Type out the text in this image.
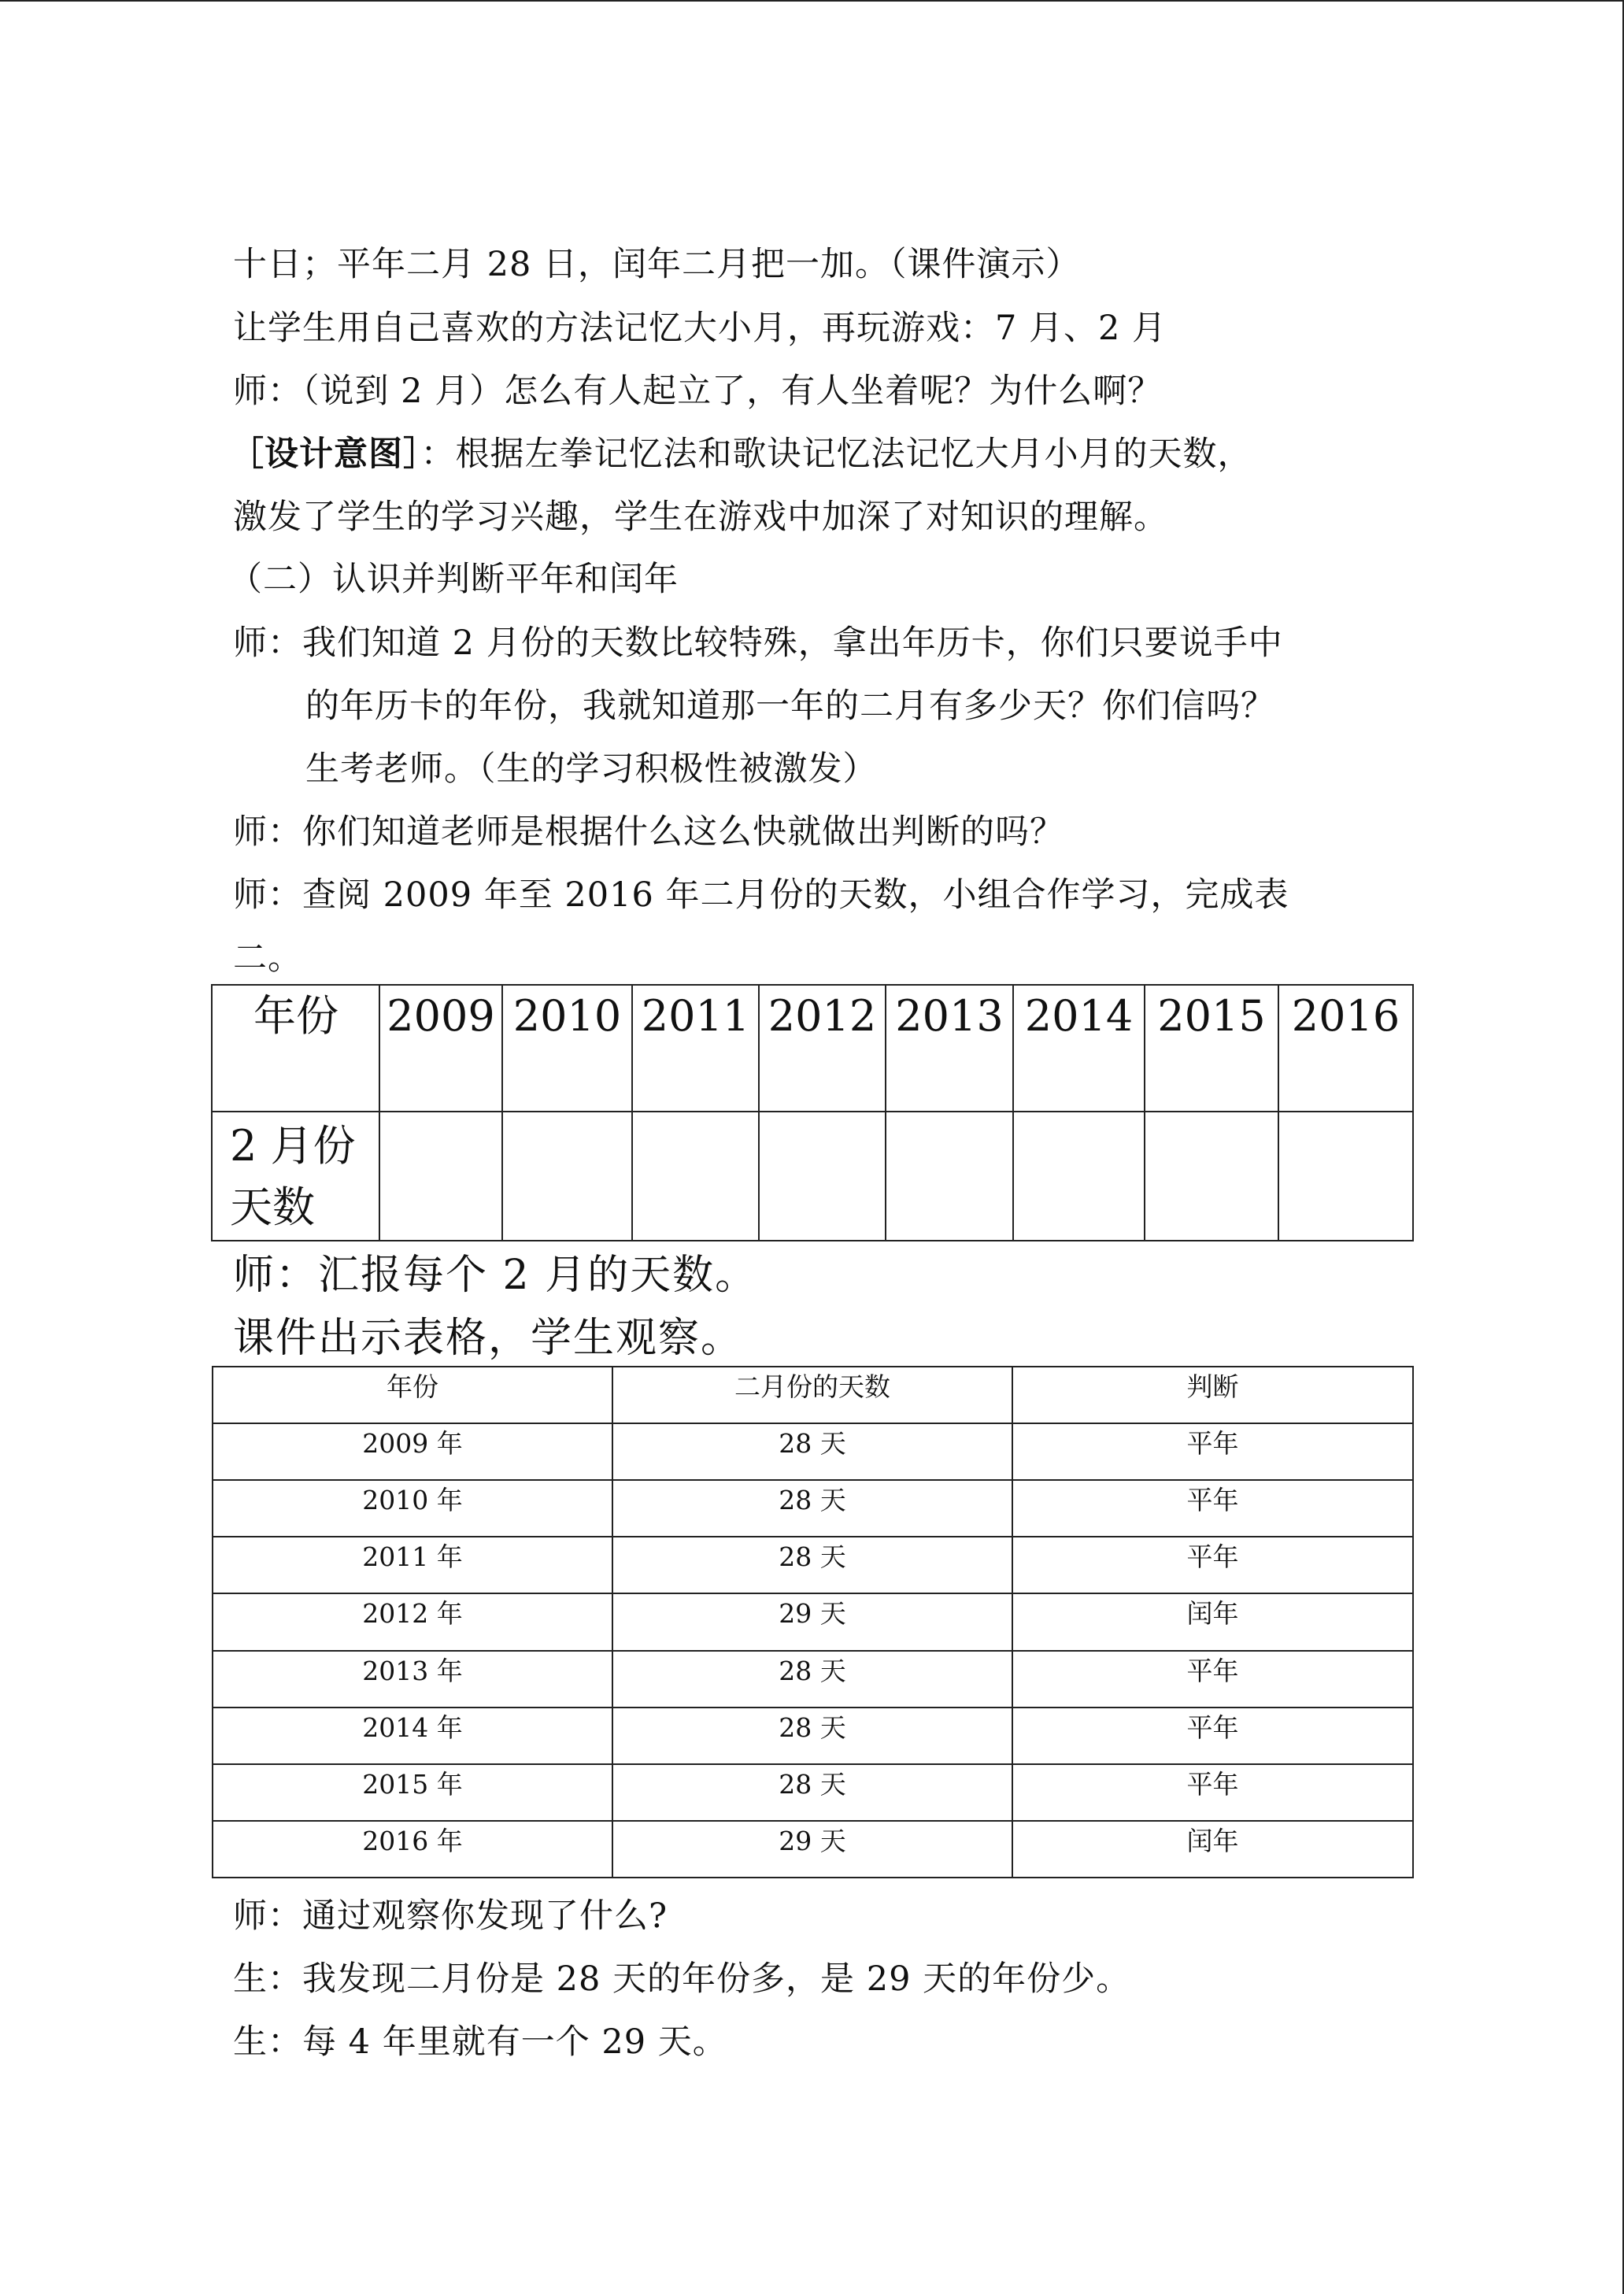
十日；平年二月 28 日，闰年二月把一加。（课件演示）
让学生用自己喜欢的方法记忆大小月，再玩游戏：7 月、2 月
师：（说到 2 月）怎么有人起立了，有人坐着呢？为什么啊？
［设计意图］：根据左拳记忆法和歌诀记忆法记忆大月小月的天数，
激发了学生的学习兴趣，学生在游戏中加深了对知识的理解。
（二）认识并判断平年和闰年
师：我们知道 2 月份的天数比较特殊，拿出年历卡，你们只要说手中
的年历卡的年份，我就知道那一年的二月有多少天？你们信吗？
生考老师。（生的学习积极性被激发）
师：你们知道老师是根据什么这么快就做出判断的吗？
师：查阅 2009 年至 2016 年二月份的天数，小组合作学习，完成表
二。
年份	2009	2010	2011	2012	2013	2014	2015	2016

2 月份
天数								

师：汇报每个 2 月的天数。
课件出示表格，学生观察。
年份	二月份的天数	判断
2009 年	28 天	平年
2010 年	28 天	平年
2011 年	28 天	平年
2012 年	29 天	闰年
2013 年	28 天	平年
2014 年	28 天	平年
2015 年	28 天	平年
2016 年	29 天	闰年
师：通过观察你发现了什么?
生：我发现二月份是 28 天的年份多，是 29 天的年份少。
生：每 4 年里就有一个 29 天。
